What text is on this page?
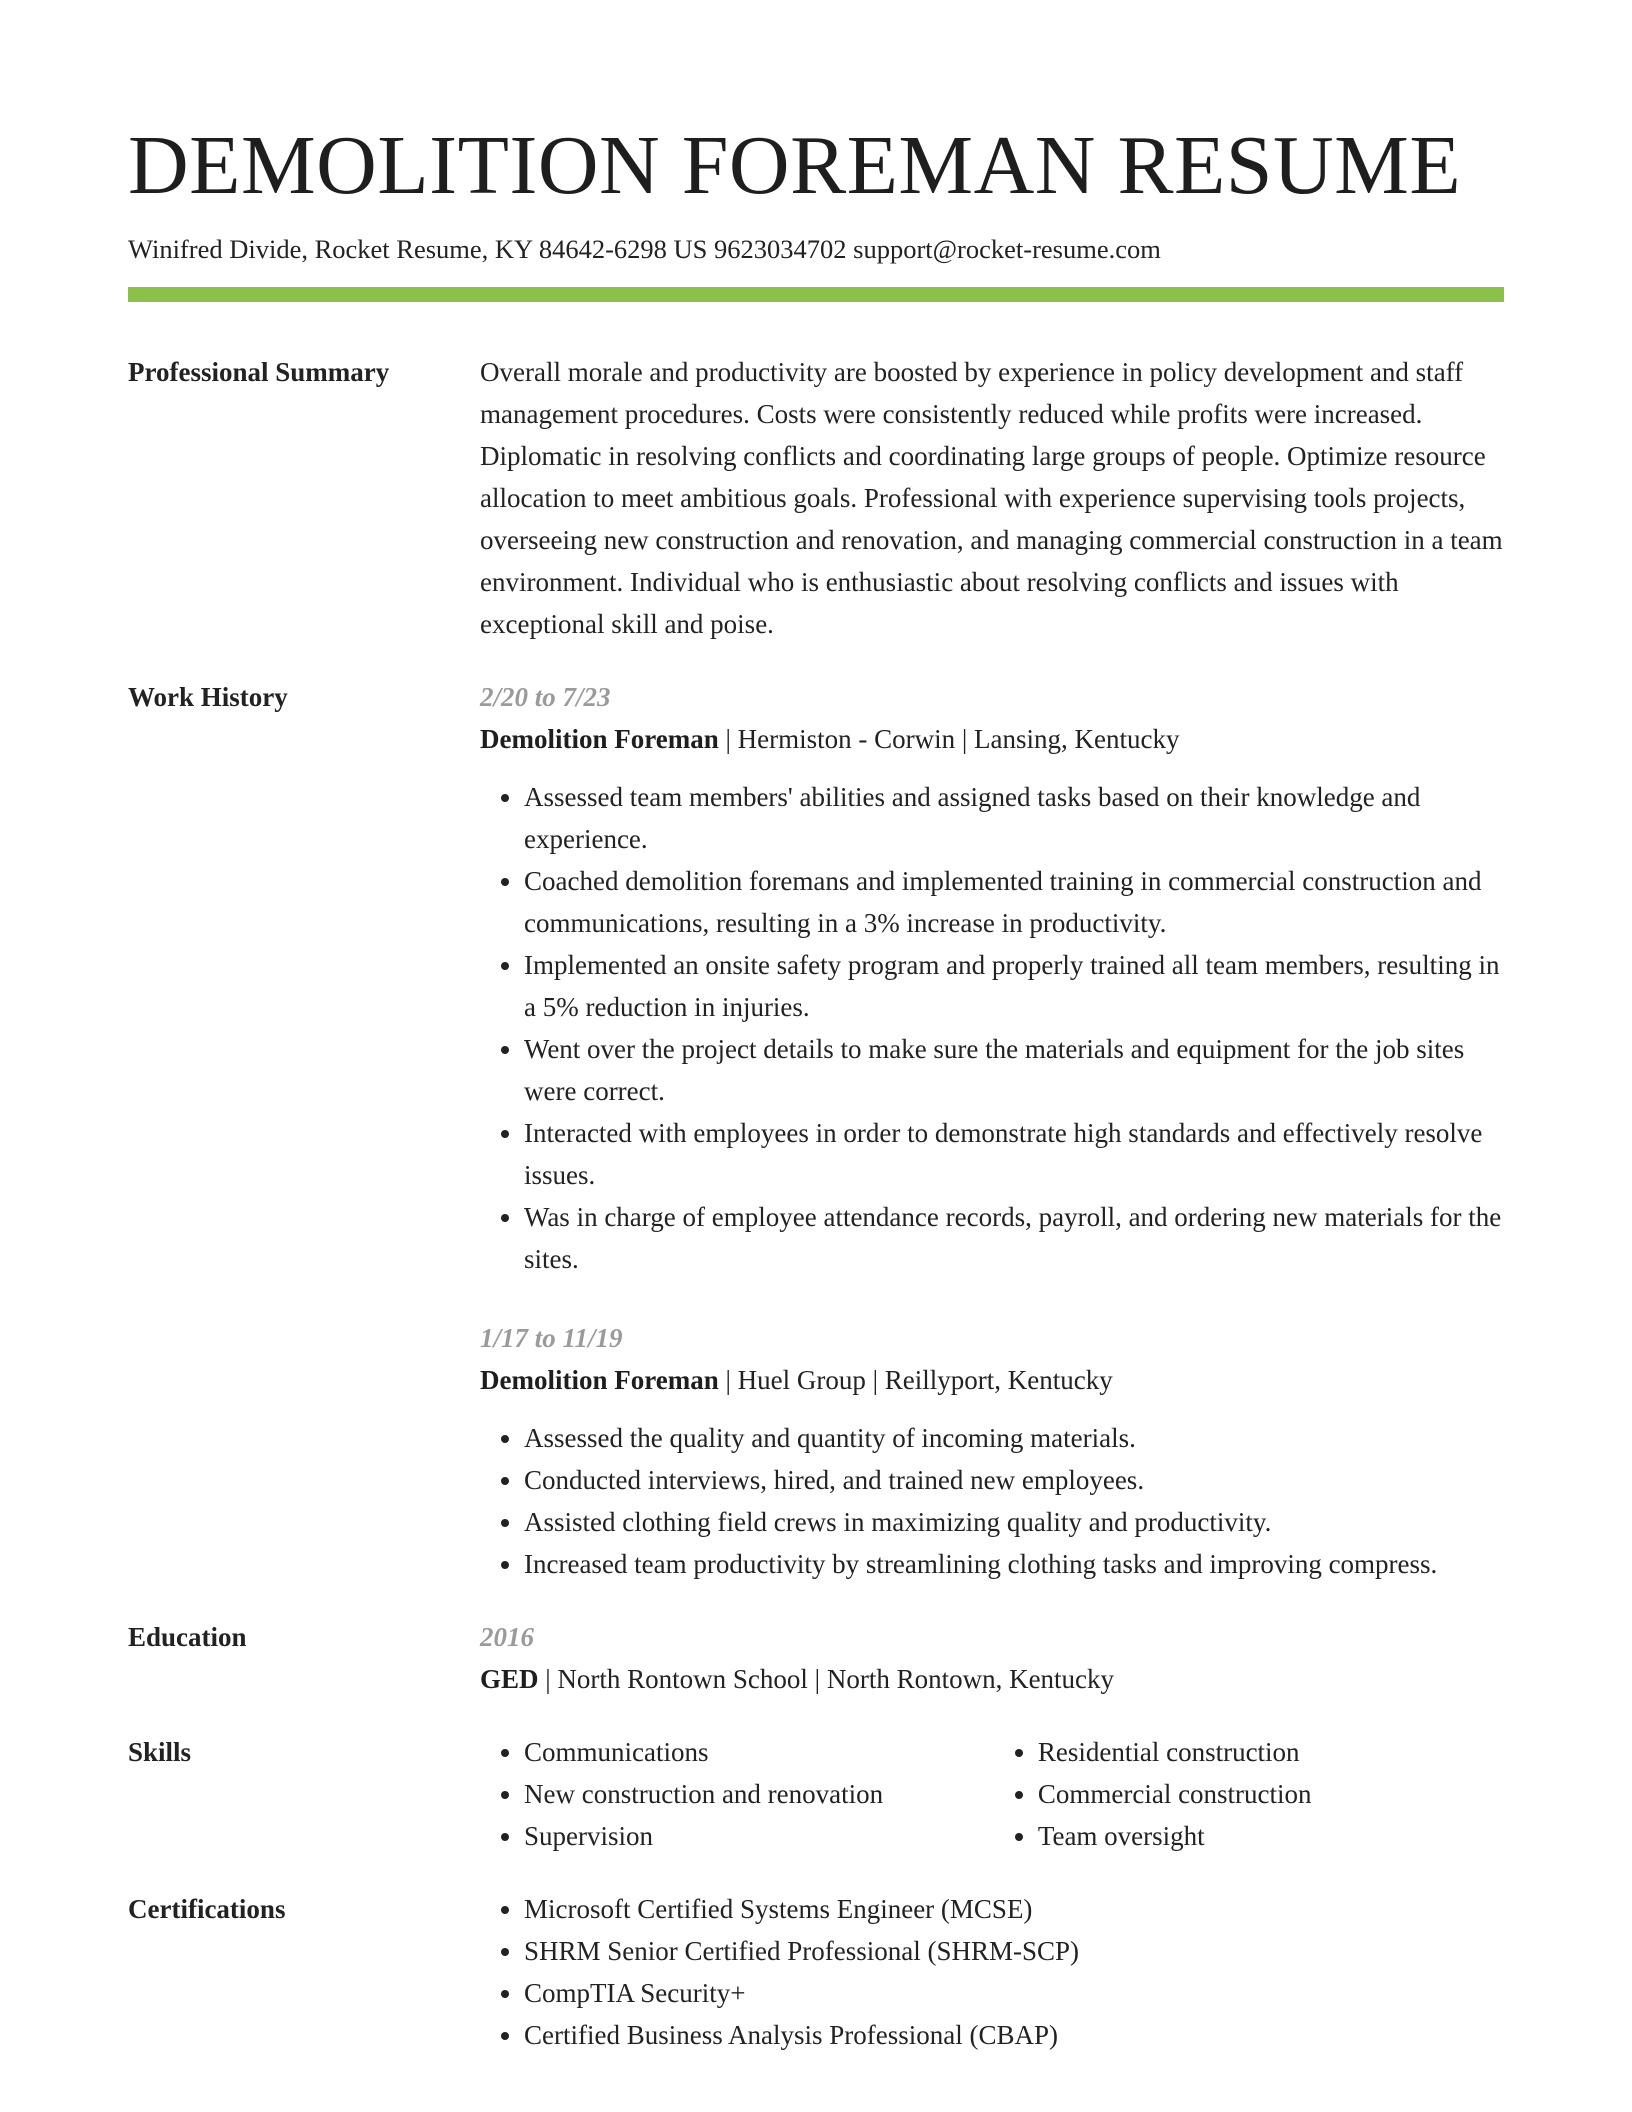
DEMOLITION FOREMAN RESUME
Winifred Divide, Rocket Resume, KY 84642-6298 US 9623034702 support@rocket-resume.com
Professional Summary	Overall morale and productivity are boosted by experience in policy development and staff management procedures. Costs were consistently reduced while profits were increased. Diplomatic in resolving conflicts and coordinating large groups of people. Optimize resource allocation to meet ambitious goals. Professional with experience supervising tools projects, overseeing new construction and renovation, and managing commercial construction in a team environment. Individual who is enthusiastic about resolving conflicts and issues with exceptional skill and poise.
Work History	2/20 to 7/23
Demolition Foreman | Hermiston - Corwin | Lansing, Kentucky
• Assessed team members' abilities and assigned tasks based on their knowledge and experience.
• Coached demolition foremans and implemented training in commercial construction and communications, resulting in a 3% increase in productivity.
• Implemented an onsite safety program and properly trained all team members, resulting in a 5% reduction in injuries.
• Went over the project details to make sure the materials and equipment for the job sites were correct.
• Interacted with employees in order to demonstrate high standards and effectively resolve issues.
• Was in charge of employee attendance records, payroll, and ordering new materials for the sites.
1/17 to 11/19
Demolition Foreman | Huel Group | Reillyport, Kentucky
• Assessed the quality and quantity of incoming materials.
• Conducted interviews, hired, and trained new employees.
• Assisted clothing field crews in maximizing quality and productivity.
• Increased team productivity by streamlining clothing tasks and improving compress.
Education	2016
GED | North Rontown School | North Rontown, Kentucky
Skills	• Communications
• New construction and renovation
• Supervision
• Residential construction
• Commercial construction
• Team oversight
Certifications	• Microsoft Certified Systems Engineer (MCSE)
• SHRM Senior Certified Professional (SHRM-SCP)
• CompTIA Security+
• Certified Business Analysis Professional (CBAP)
